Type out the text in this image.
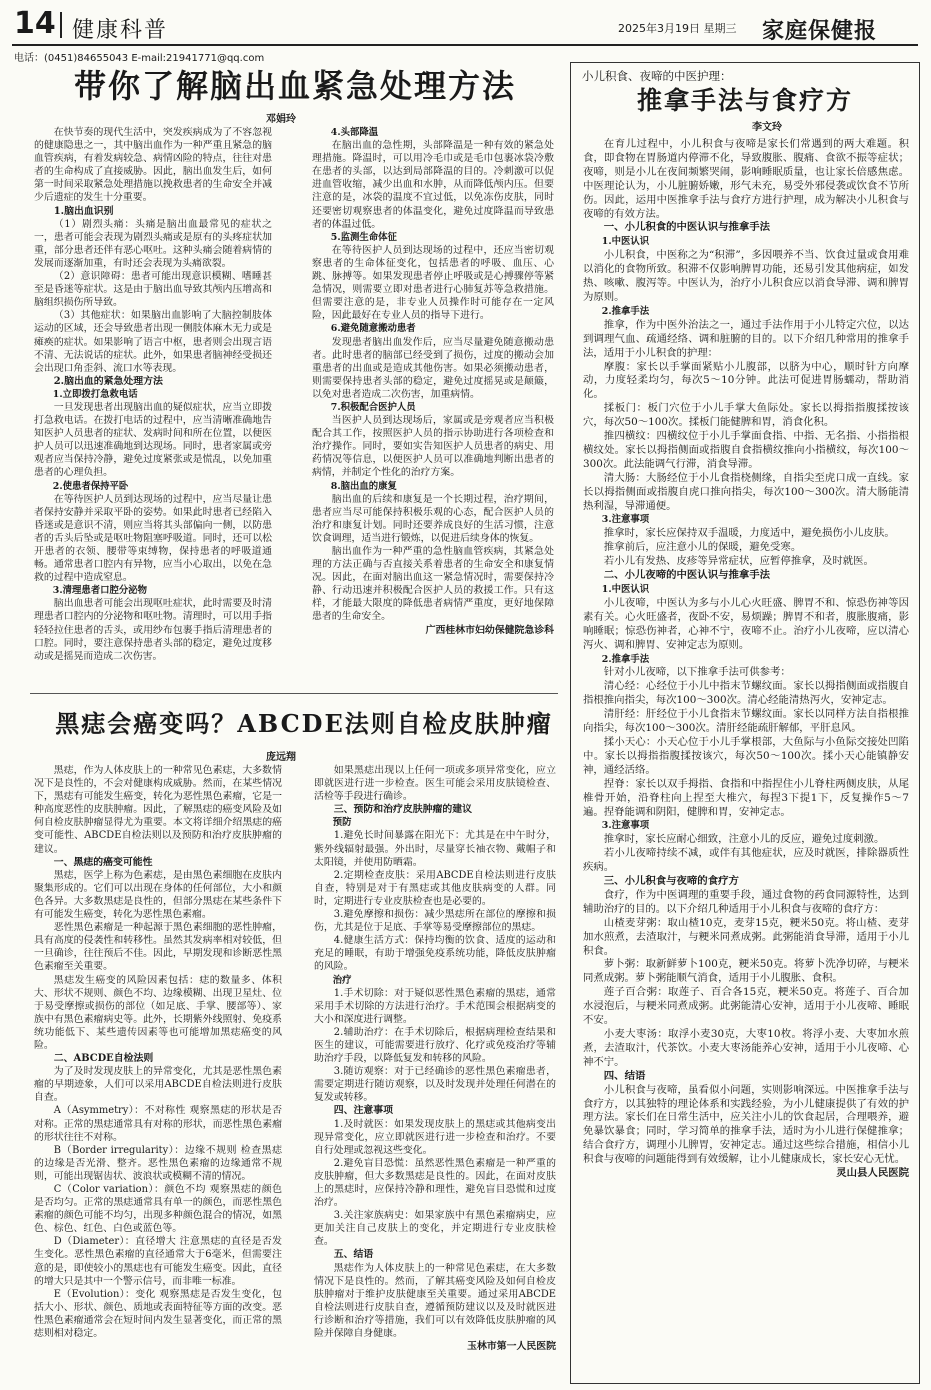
14 健康科普	2025年3月19日 星期三 家庭保健报
电话：(0451)84655043 E-mail:21941771@qq.com
带你了解脑出血紧急处理方法
邓娟玲

在快节奏的现代生活中，突发疾病成为了不容忽视的健康隐患之一，其中脑出血作为一种严重且紧急的脑血管疾病，有着发病较急、病情凶险的特点，往往对患者的生命构成了直接威胁。因此，脑出血发生后，如何第一时间采取紧急处理措施以挽救患者的生命安全并减少后遗症的发生十分重要。

1.脑出血识别

（1）剧烈头痛：头痛是脑出血最常见的症状之一，患者可能会表现为剧烈头痛或是原有的头疼症状加重，部分患者还伴有恶心呕吐。这种头痛会随着病情的发展而逐渐加重，有时还会表现为头痛欲裂。

（2）意识障碍：患者可能出现意识模糊、嗜睡甚至是昏迷等症状。这是由于脑出血导致其颅内压增高和脑组织损伤所导致。

（3）其他症状：如果脑出血影响了大脑控制肢体运动的区域，还会导致患者出现一侧肢体麻木无力或是瘫痪的症状。如果影响了语言中枢，患者则会出现言语不清、无法说话的症状。此外，如果患者脑神经受损还会出现口角歪斜、流口水等表现。

2.脑出血的紧急处理方法

1.立即拨打急救电话

一旦发现患者出现脑出血的疑似症状，应当立即拨打急救电话。在拨打电话的过程中，应当清晰准确地告知医护人员患者的症状、发病时间和所在位置，以便医护人员可以迅速准确地到达现场。同时，患者家属或旁观者应当保持冷静，避免过度紧张或是慌乱，以免加重患者的心理负担。

2.使患者保持平卧

在等待医护人员到达现场的过程中，应当尽量让患者保持安静并采取平卧的姿势。如果此时患者已经陷入昏迷或是意识不清，则应当将其头部偏向一侧，以防患者的舌头后坠或是呕吐物阻塞呼吸道。同时，还可以松开患者的衣领、腰带等束缚物，保持患者的呼吸道通畅。通常患者口腔内有异物，应当小心取出，以免在急救的过程中造成窒息。

3.清理患者口腔分泌物

脑出血患者可能会出现呕吐症状，此时需要及时清理患者口腔内的分泌物和呕吐物。清理时，可以用手指轻轻拉住患者的舌头，或用纱布包裹手指后清理患者的口腔。同时，要注意保持患者头部的稳定，避免过度移动或是摇晃而造成二次伤害。

4.头部降温

在脑出血的急性期，头部降温是一种有效的紧急处理措施。降温时，可以用冷毛巾或是毛巾包裹冰袋冷敷在患者的头部，以达到局部降温的目的。冷刺激可以促进血管收缩，减少出血和水肿，从而降低颅内压。但要注意的是，冰袋的温度不宜过低，以免冻伤皮肤，同时还要密切观察患者的体温变化，避免过度降温而导致患者的体温过低。

5.监测生命体征

在等待医护人员到达现场的过程中，还应当密切观察患者的生命体征变化，包括患者的呼吸、血压、心跳、脉搏等。如果发现患者停止呼吸或是心搏骤停等紧急情况，则需要立即对患者进行心肺复苏等急救措施。但需要注意的是，非专业人员操作时可能存在一定风险，因此最好在专业人员的指导下进行。

6.避免随意搬动患者

发现患者脑出血发作后，应当尽量避免随意搬动患者。此时患者的脑部已经受到了损伤，过度的搬动会加重患者的出血或是造成其他伤害。如果必须搬动患者，则需要保持患者头部的稳定，避免过度摇晃或是颠簸，以免对患者造成二次伤害，加重病情。

7.积极配合医护人员

当医护人员到达现场后，家属或是旁观者应当积极配合其工作，按照医护人员的指示协助进行各项检查和治疗操作。同时，要如实告知医护人员患者的病史、用药情况等信息，以便医护人员可以准确地判断出患者的病情，并制定个性化的治疗方案。

8.脑出血的康复

脑出血的后续和康复是一个长期过程，治疗期间，患者应当尽可能保持积极乐观的心态，配合医护人员的治疗和康复计划。同时还要养成良好的生活习惯，注意饮食调理，适当进行锻炼，以促进后续身体的恢复。

脑出血作为一种严重的急性脑血管疾病，其紧急处理的方法正确与否直接关系着患者的生命安全和康复情况。因此，在面对脑出血这一紧急情况时，需要保持冷静、行动迅速并积极配合医护人员的救援工作。只有这样，才能最大限度的降低患者病情严重度，更好地保障患者的生命安全。

广西桂林市妇幼保健院急诊科

黑痣会癌变吗？ABCDE法则自检皮肤肿瘤
庞远翔

黑痣，作为人体皮肤上的一种常见色素痣，大多数情况下是良性的，不会对健康构成威胁。然而，在某些情况下，黑痣有可能发生癌变，转化为恶性黑色素瘤，它是一种高度恶性的皮肤肿瘤。因此，了解黑痣的癌变风险及如何自检皮肤肿瘤显得尤为重要。本文将详细介绍黑痣的癌变可能性、ABCDE自检法则以及预防和治疗皮肤肿瘤的建议。

一、黑痣的癌变可能性

黑痣，医学上称为色素痣，是由黑色素细胞在皮肤内聚集形成的。它们可以出现在身体的任何部位，大小和颜色各异。大多数黑痣是良性的，但部分黑痣在某些条件下有可能发生癌变，转化为恶性黑色素瘤。

恶性黑色素瘤是一种起源于黑色素细胞的恶性肿瘤，具有高度的侵袭性和转移性。虽然其发病率相对较低，但一旦确诊，往往预后不佳。因此，早期发现和诊断恶性黑色素瘤至关重要。

黑痣发生癌变的风险因素包括：痣的数量多、体积大、形状不规则、颜色不均、边缘模糊、出现卫星灶、位于易受摩擦或损伤的部位（如足底、手掌、腰部等）、家族中有黑色素瘤病史等。此外，长期紫外线照射、免疫系统功能低下、某些遗传因素等也可能增加黑痣癌变的风险。

二、ABCDE自检法则

为了及时发现皮肤上的异常变化，尤其是恶性黑色素瘤的早期迹象，人们可以采用ABCDE自检法则进行皮肤自查。

A（Asymmetry）：不对称性 观察黑痣的形状是否对称。正常的黑痣通常具有对称的形状，而恶性黑色素瘤的形状往往不对称。

B（Border irregularity）：边缘不规则 检查黑痣的边缘是否光滑、整齐。恶性黑色素瘤的边缘通常不规则，可能出现锯齿状、波浪状或模糊不清的情况。

C（Color variation）：颜色不均 观察黑痣的颜色是否均匀。正常的黑痣通常具有单一的颜色，而恶性黑色素瘤的颜色可能不均匀，出现多种颜色混合的情况，如黑色、棕色、红色、白色或蓝色等。

D（Diameter）：直径增大 注意黑痣的直径是否发生变化。恶性黑色素瘤的直径通常大于6毫米，但需要注意的是，即使较小的黑痣也有可能发生癌变。因此，直径的增大只是其中一个警示信号，而非唯一标准。

E（Evolution）：变化 观察黑痣是否发生变化，包括大小、形状、颜色、质地或表面特征等方面的改变。恶性黑色素瘤通常会在短时间内发生显著变化，而正常的黑痣则相对稳定。

如果黑痣出现以上任何一项或多项异常变化，应立即就医进行进一步检查。医生可能会采用皮肤镜检查、活检等手段进行确诊。

三、预防和治疗皮肤肿瘤的建议

预防

1.避免长时间暴露在阳光下：尤其是在中午时分，紫外线辐射最强。外出时，尽量穿长袖衣物、戴帽子和太阳镜，并使用防晒霜。

2.定期检查皮肤：采用ABCDE自检法则进行皮肤自查，特别是对于有黑痣或其他皮肤病变的人群。同时，定期进行专业皮肤检查也是必要的。

3.避免摩擦和损伤：减少黑痣所在部位的摩擦和损伤，尤其是位于足底、手掌等易受摩擦部位的黑痣。

4.健康生活方式：保持均衡的饮食、适度的运动和充足的睡眠，有助于增强免疫系统功能，降低皮肤肿瘤的风险。

治疗

1.手术切除：对于疑似恶性黑色素瘤的黑痣，通常采用手术切除的方法进行治疗。手术范围会根据病变的大小和深度进行调整。

2.辅助治疗：在手术切除后，根据病理检查结果和医生的建议，可能需要进行放疗、化疗或免疫治疗等辅助治疗手段，以降低复发和转移的风险。

3.随访观察：对于已经确诊的恶性黑色素瘤患者，需要定期进行随访观察，以及时发现并处理任何潜在的复发或转移。

四、注意事项

1.及时就医：如果发现皮肤上的黑痣或其他病变出现异常变化，应立即就医进行进一步检查和治疗。不要自行处理或忽视这些变化。

2.避免盲目恐慌：虽然恶性黑色素瘤是一种严重的皮肤肿瘤，但大多数黑痣是良性的。因此，在面对皮肤上的黑痣时，应保持冷静和理性，避免盲目恐慌和过度治疗。

3.关注家族病史：如果家族中有黑色素瘤病史，应更加关注自己皮肤上的变化，并定期进行专业皮肤检查。

五、结语

黑痣作为人体皮肤上的一种常见色素痣，在大多数情况下是良性的。然而，了解其癌变风险及如何自检皮肤肿瘤对于维护皮肤健康至关重要。通过采用ABCDE自检法则进行皮肤自查，遵循预防建议以及及时就医进行诊断和治疗等措施，我们可以有效降低皮肤肿瘤的风险并保障自身健康。

玉林市第一人民医院

小儿积食、夜啼的中医护理：
推拿手法与食疗方
李文玲

在育儿过程中，小儿积食与夜啼是家长们常遇到的两大难题。积食，即食物在胃肠道内停滞不化，导致腹胀、腹痛、食欲不振等症状；夜啼，则是小儿在夜间频繁哭闹，影响睡眠质量，也让家长倍感焦虑。中医理论认为，小儿脏腑娇嫩，形气未充，易受外邪侵袭或饮食不节所伤。因此，运用中医推拿手法与食疗方进行护理，成为解决小儿积食与夜啼的有效方法。

一、小儿积食的中医认识与推拿手法

1.中医认识

小儿积食，中医称之为“积滞”，多因喂养不当、饮食过量或食用难以消化的食物所致。积滞不仅影响脾胃功能，还易引发其他病症，如发热、咳嗽、腹泻等。中医认为，治疗小儿积食应以消食导滞、调和脾胃为原则。

2.推拿手法

推拿，作为中医外治法之一，通过手法作用于小儿特定穴位，以达到调理气血、疏通经络、调和脏腑的目的。以下介绍几种常用的推拿手法，适用于小儿积食的护理：

摩腹：家长以手掌面紧贴小儿腹部，以脐为中心，顺时针方向摩动，力度轻柔均匀，每次5～10分钟。此法可促进胃肠蠕动，帮助消化。

揉板门：板门穴位于小儿手掌大鱼际处。家长以拇指指腹揉按该穴，每次50～100次。揉板门能健脾和胃，消食化积。

推四横纹：四横纹位于小儿手掌面食指、中指、无名指、小指指根横纹处。家长以拇指侧面或指腹自食指横纹推向小指横纹，每次100～300次。此法能调气行滞，消食导滞。

清大肠：大肠经位于小儿食指桡侧缘，自指尖至虎口成一直线。家长以拇指侧面或指腹自虎口推向指尖，每次100～300次。清大肠能清热利湿，导滞通便。

3.注意事项

推拿时，家长应保持双手温暖，力度适中，避免损伤小儿皮肤。

推拿前后，应注意小儿的保暖，避免受寒。

若小儿有发热、皮疹等异常症状，应暂停推拿，及时就医。

二、小儿夜啼的中医认识与推拿手法

1.中医认识

小儿夜啼，中医认为多与小儿心火旺盛、脾胃不和、惊恐伤神等因素有关。心火旺盛者，夜卧不安，易烦躁；脾胃不和者，腹胀腹痛，影响睡眠；惊恐伤神者，心神不宁，夜啼不止。治疗小儿夜啼，应以清心泻火、调和脾胃、安神定志为原则。

2.推拿手法

针对小儿夜啼，以下推拿手法可供参考：

清心经：心经位于小儿中指末节螺纹面。家长以拇指侧面或指腹自指根推向指尖，每次100～300次。清心经能清热泻火，安神定志。

清肝经：肝经位于小儿食指末节螺纹面。家长以同样方法自指根推向指尖，每次100～300次。清肝经能疏肝解郁，平肝息风。

揉小天心：小天心位于小儿手掌根部，大鱼际与小鱼际交接处凹陷中。家长以拇指指腹揉按该穴，每次50～100次。揉小天心能镇静安神，通经活络。

捏脊：家长以双手拇指、食指和中指捏住小儿脊柱两侧皮肤，从尾椎骨开始，沿脊柱向上捏至大椎穴，每捏3下提1下，反复操作5～7遍。捏脊能调和阴阳，健脾和胃，安神定志。

3.注意事项

推拿时，家长应耐心细致，注意小儿的反应，避免过度刺激。

若小儿夜啼持续不减，或伴有其他症状，应及时就医，排除器质性疾病。

三、小儿积食与夜啼的食疗方

食疗，作为中医调理的重要手段，通过食物的药食同源特性，达到辅助治疗的目的。以下介绍几种适用于小儿积食与夜啼的食疗方：

山楂麦芽粥：取山楂10克，麦芽15克，粳米50克。将山楂、麦芽加水煎煮，去渣取汁，与粳米同煮成粥。此粥能消食导滞，适用于小儿积食。

萝卜粥：取新鲜萝卜100克，粳米50克。将萝卜洗净切碎，与粳米同煮成粥。萝卜粥能顺气消食，适用于小儿腹胀、食积。

莲子百合粥：取莲子、百合各15克，粳米50克。将莲子、百合加水浸泡后，与粳米同煮成粥。此粥能清心安神，适用于小儿夜啼、睡眠不安。

小麦大枣汤：取浮小麦30克，大枣10枚。将浮小麦、大枣加水煎煮，去渣取汁，代茶饮。小麦大枣汤能养心安神，适用于小儿夜啼、心神不宁。

四、结语

小儿积食与夜啼，虽看似小问题，实则影响深远。中医推拿手法与食疗方，以其独特的理论体系和实践经验，为小儿健康提供了有效的护理方法。家长们在日常生活中，应关注小儿的饮食起居，合理喂养，避免暴饮暴食；同时，学习简单的推拿手法，适时为小儿进行保健推拿；结合食疗方，调理小儿脾胃，安神定志。通过这些综合措施，相信小儿积食与夜啼的问题能得到有效缓解，让小儿健康成长，家长安心无忧。

灵山县人民医院
